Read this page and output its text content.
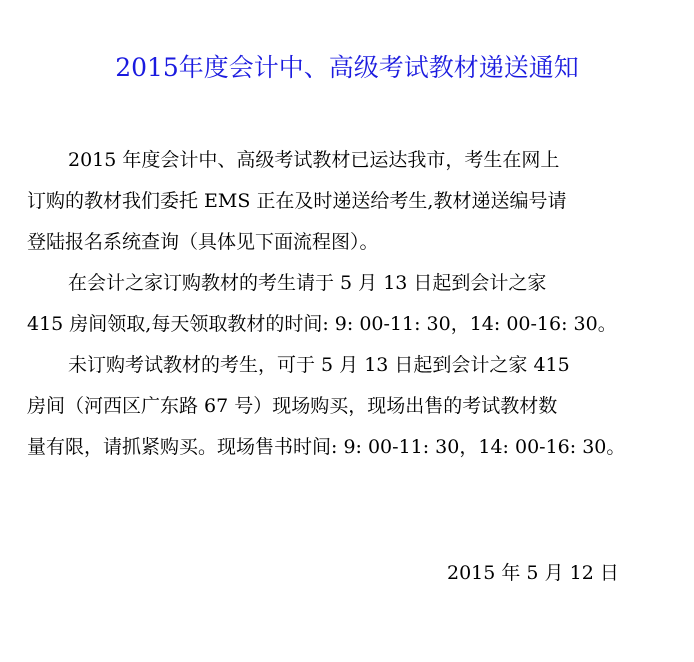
2015年度会计中、高级考试教材递送通知

2015 年度会计中、高级考试教材已运达我市，考生在网上
订购的教材我们委托 EMS 正在及时递送给考生,教材递送编号请
登陆报名系统查询（具体见下面流程图）。

在会计之家订购教材的考生请于 5 月 13 日起到会计之家
415 房间领取,每天领取教材的时间: 9: 00-11: 30，14: 00-16: 30。

未订购考试教材的考生，可于 5 月 13 日起到会计之家 415
房间（河西区广东路 67 号）现场购买，现场出售的考试教材数
量有限，请抓紧购买。现场售书时间: 9: 00-11: 30，14: 00-16: 30。

2015 年 5 月 12 日
